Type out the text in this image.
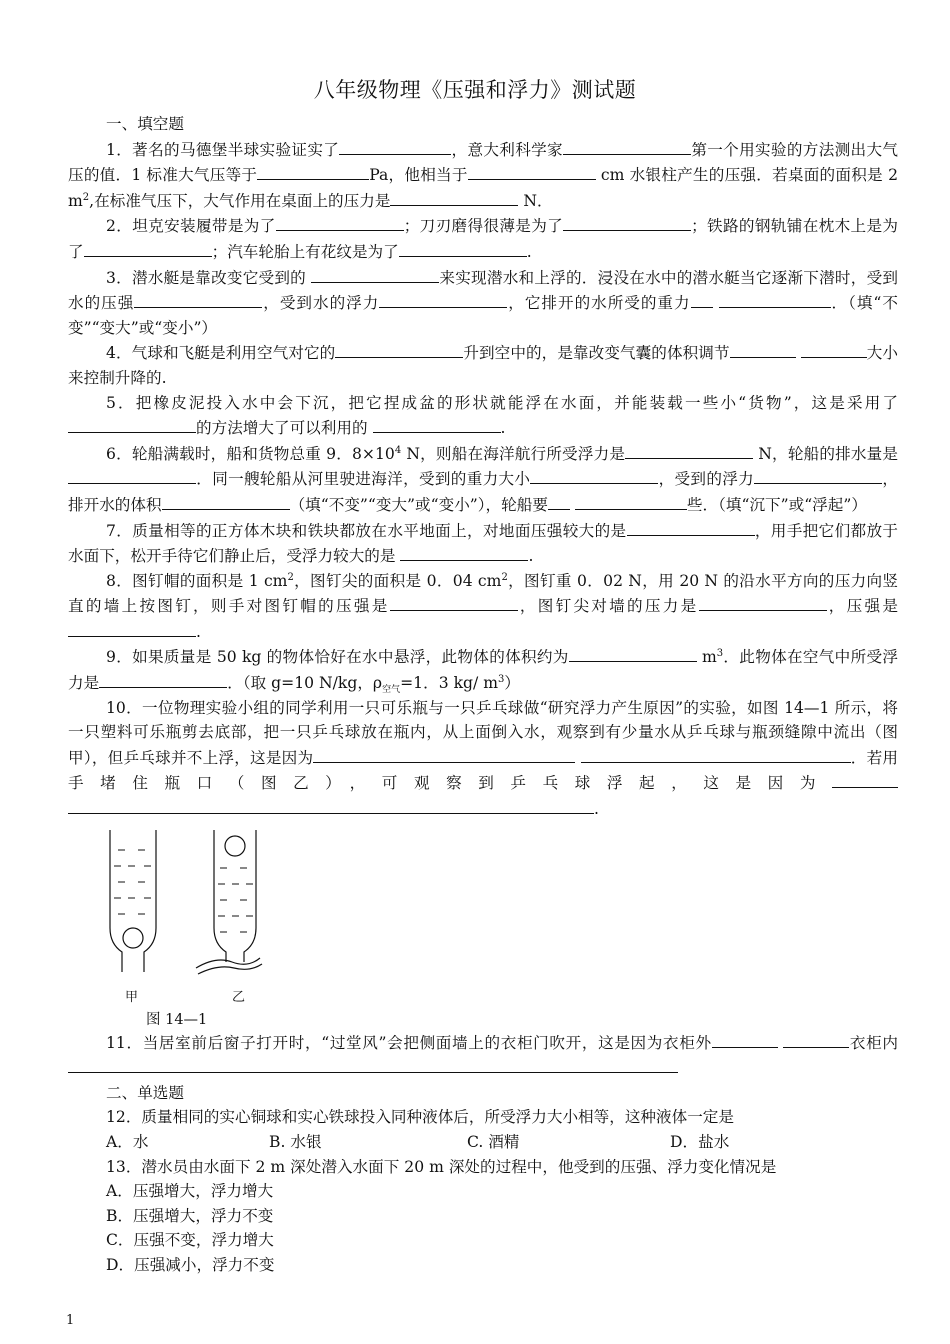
八年级物理《压强和浮力》测试题

一、填空题

1．著名的马德堡半球实验证实了	，意大利科学家	第一个用实验的方法测出大气压的值．1 标准大气压等于	Pa，他相当于	cm 水银柱产生的压强．若桌面的面积是 2 $m^2$,在标准气压下，大气作用在桌面上的压力是	N．

2．坦克安装履带是为了	；刀刃磨得很薄是为了	；铁路的钢轨铺在枕木上是为了	；汽车轮胎上有花纹是为了	.

3．潜水艇是靠改变它受到的	来实现潜水和上浮的．浸没在水中的潜水艇当它逐渐下潜时，受到水的压强	，受到水的浮力	，它排开的水所受的重力	．（填“不变”“变大”或“变小”）

4．气球和飞艇是利用空气对它的	升到空中的，是靠改变气囊的体积调节	大小来控制升降的.

5．把橡皮泥投入水中会下沉，把它捏成盆的形状就能浮在水面，并能装载一些小“货物”，这是采用了的方法增大了可以利用的	.

6．轮船满载时，船和货物总重 9．$8\times 10^4$ N，则船在海洋航行所受浮力是	N，轮船的排水量是．同一艘轮船从河里驶进海洋，受到的重力大小	，受到的浮力	，排开水的体积	（填“不变”“变大”或“变小”），轮船要	些．（填“沉下”或“浮起”）

7．质量相等的正方体木块和铁块都放在水平地面上，对地面压强较大的是	，用手把它们都放于水面下，松开手待它们静止后，受浮力较大的是	.

8．图钉帽的面积是 1 $cm^2$，图钉尖的面积是 0．04 $cm^2$，图钉重 0．02 N，用 20 N 的沿水平方向的压力向竖直的墙上按图钉，则手对图钉帽的压强是	，图钉尖对墙的压力是	，压强是.

9．如果质量是 50 kg 的物体恰好在水中悬浮，此物体的体积约为	$m^3$．此物体在空气中所受浮力是	．（取 g=10 N/kg，$\rho_{空气}=1$．3 kg/ $m^3$）

10．一位物理实验小组的同学利用一只可乐瓶与一只乒乓球做“研究浮力产生原因”的实验，如图 14—1 所示，将一只塑料可乐瓶剪去底部，把一只乒乓球放在瓶内，从上面倒入水，观察到有少量水从乒乓球与瓶颈缝隙中流出（图甲），但乒乓球并不上浮，这是因为	．若用手堵住瓶口（图乙），可观察到乒乓球浮起，这是因为 .

甲	乙
图 14—1

11．当居室前后窗子打开时，“过堂风”会把侧面墙上的衣柜门吹开，这是因为衣柜外	衣柜内

二、单选题

12．质量相同的实心铜球和实心铁球投入同种液体后，所受浮力大小相等，这种液体一定是

A．水	B. 水银	C. 酒精	D．盐水

13．潜水员由水面下 2 m 深处潜入水面下 20 m 深处的过程中，他受到的压强、浮力变化情况是

A．压强增大，浮力增大

B．压强增大，浮力不变

C．压强不变，浮力增大

D．压强减小，浮力不变

1
